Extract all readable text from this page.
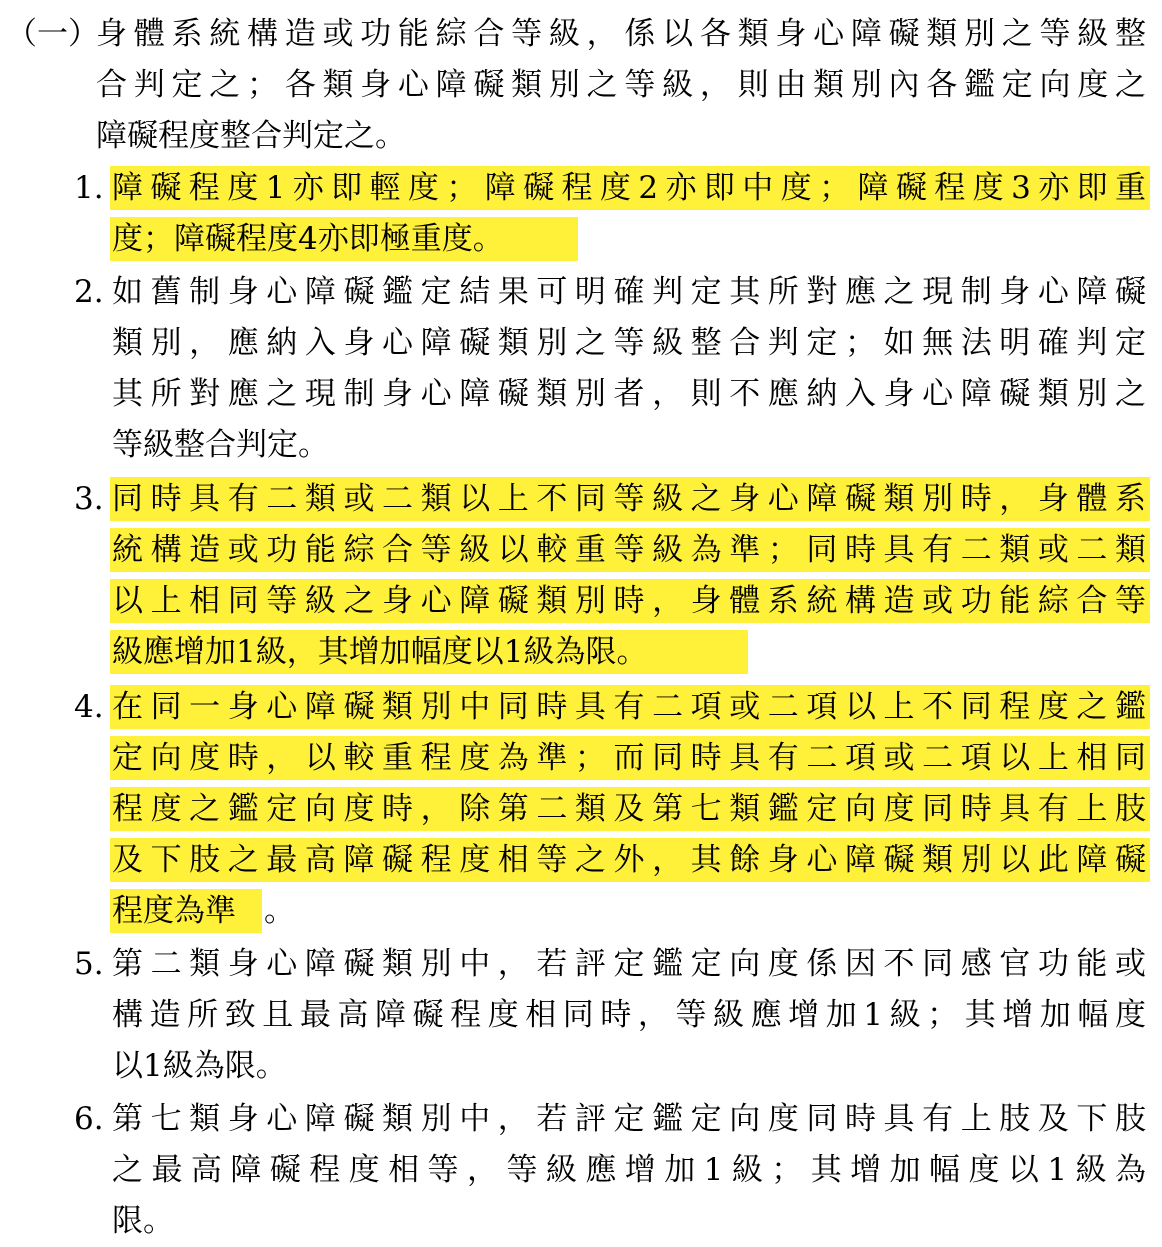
（一）
身體系統構造或功能綜合等級，係以各類身心障礙類別之等級整
合判定之；各類身心障礙類別之等級，則由類別內各鑑定向度之
障礙程度整合判定之。
1. 障礙程度1亦即輕度；障礙程度2亦即中度；障礙程度3亦即重
度；障礙程度4亦即極重度。
2. 如舊制身心障礙鑑定結果可明確判定其所對應之現制身心障礙
類別，應納入身心障礙類別之等級整合判定；如無法明確判定
其所對應之現制身心障礙類別者，則不應納入身心障礙類別之
等級整合判定。
3. 同時具有二類或二類以上不同等級之身心障礙類別時，身體系
統構造或功能綜合等級以較重等級為準；同時具有二類或二類
以上相同等級之身心障礙類別時，身體系統構造或功能綜合等
級應增加1級，其增加幅度以1級為限。
4. 在同一身心障礙類別中同時具有二項或二項以上不同程度之鑑
定向度時，以較重程度為準；而同時具有二項或二項以上相同
程度之鑑定向度時，除第二類及第七類鑑定向度同時具有上肢
及下肢之最高障礙程度相等之外，其餘身心障礙類別以此障礙
程度為準 。
5. 第二類身心障礙類別中，若評定鑑定向度係因不同感官功能或
構造所致且最高障礙程度相同時，等級應增加1級；其增加幅度
以1級為限。
6. 第七類身心障礙類別中，若評定鑑定向度同時具有上肢及下肢
之最高障礙程度相等，等級應增加1級；其增加幅度以1級為
限。
